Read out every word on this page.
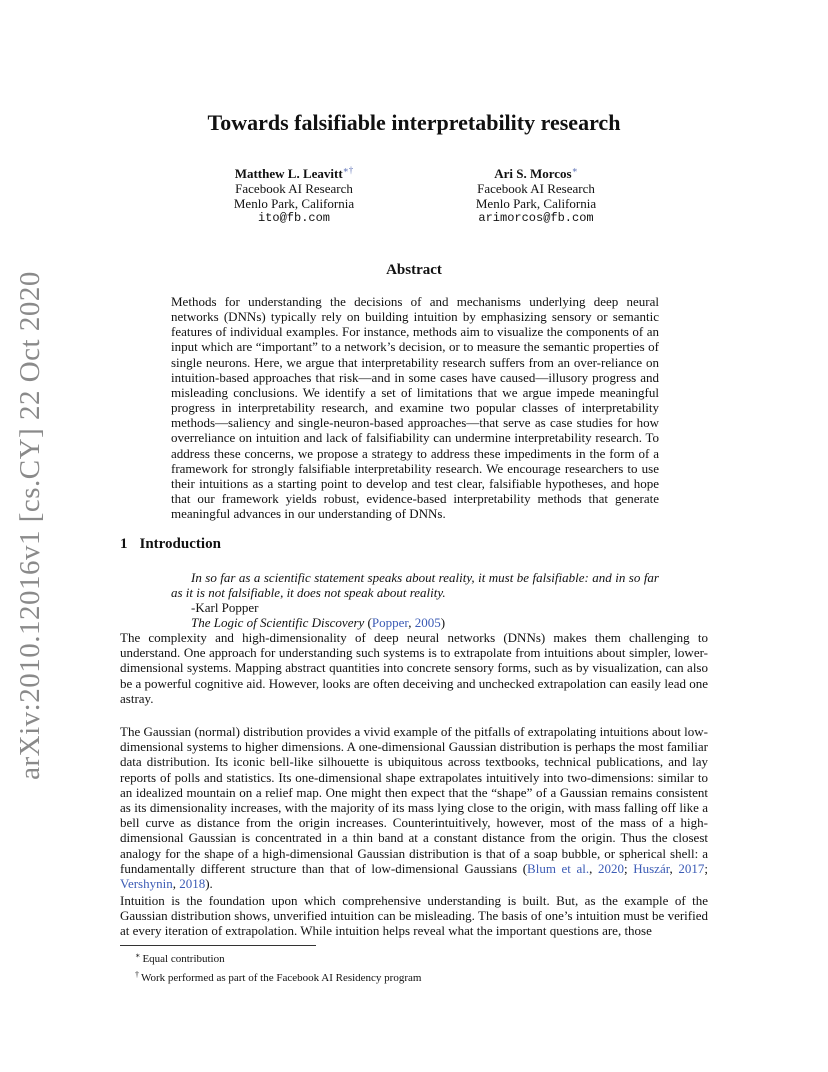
arXiv:2010.12016v1 [cs.CY] 22 Oct 2020
Towards falsifiable interpretability research
Matthew L. Leavitt∗†
Facebook AI Research
Menlo Park, California
ito@fb.com
Ari S. Morcos∗
Facebook AI Research
Menlo Park, California
arimorcos@fb.com
Abstract

Methods for understanding the decisions of and mechanisms underlying deep neural networks (DNNs) typically rely on building intuition by emphasizing sensory or semantic features of individual examples. For instance, methods aim to visualize the components of an input which are “important” to a network’s decision, or to measure the semantic properties of single neurons. Here, we argue that interpretability research suffers from an over-reliance on intuition-based approaches that risk—and in some cases have caused—illusory progress and misleading conclusions. We identify a set of limitations that we argue impede meaningful progress in interpretability research, and examine two popular classes of interpretability methods—saliency and single-neuron-based approaches—that serve as case studies for how overreliance on intuition and lack of falsifiability can undermine interpretability research. To address these concerns, we propose a strategy to address these impediments in the form of a framework for strongly falsifiable interpretability research. We encourage researchers to use their intuitions as a starting point to develop and test clear, falsifiable hypotheses, and hope that our framework yields robust, evidence-based interpretability methods that generate meaningful advances in our understanding of DNNs.

1 Introduction

In so far as a scientific statement speaks about reality, it must be falsifiable: and in so far as it is not falsifiable, it does not speak about reality.

-Karl Popper

The Logic of Scientific Discovery (Popper, 2005)

The complexity and high-dimensionality of deep neural networks (DNNs) makes them challenging to understand. One approach for understanding such systems is to extrapolate from intuitions about simpler, lower-dimensional systems. Mapping abstract quantities into concrete sensory forms, such as by visualization, can also be a powerful cognitive aid. However, looks are often deceiving and unchecked extrapolation can easily lead one astray.

The Gaussian (normal) distribution provides a vivid example of the pitfalls of extrapolating intuitions about low-dimensional systems to higher dimensions. A one-dimensional Gaussian distribution is perhaps the most familiar data distribution. Its iconic bell-like silhouette is ubiquitous across textbooks, technical publications, and lay reports of polls and statistics. Its one-dimensional shape extrapolates intuitively into two-dimensions: similar to an idealized mountain on a relief map. One might then expect that the “shape” of a Gaussian remains consistent as its dimensionality increases, with the majority of its mass lying close to the origin, with mass falling off like a bell curve as distance from the origin increases. Counterintuitively, however, most of the mass of a high-dimensional Gaussian is concentrated in a thin band at a constant distance from the origin. Thus the closest analogy for the shape of a high-dimensional Gaussian distribution is that of a soap bubble, or spherical shell: a fundamentally different structure than that of low-dimensional Gaussians (Blum et al., 2020; Huszár, 2017; Vershynin, 2018).

Intuition is the foundation upon which comprehensive understanding is built. But, as the example of the Gaussian distribution shows, unverified intuition can be misleading. The basis of one’s intuition must be verified at every iteration of extrapolation. While intuition helps reveal what the important questions are, those

∗ Equal contribution

† Work performed as part of the Facebook AI Residency program
